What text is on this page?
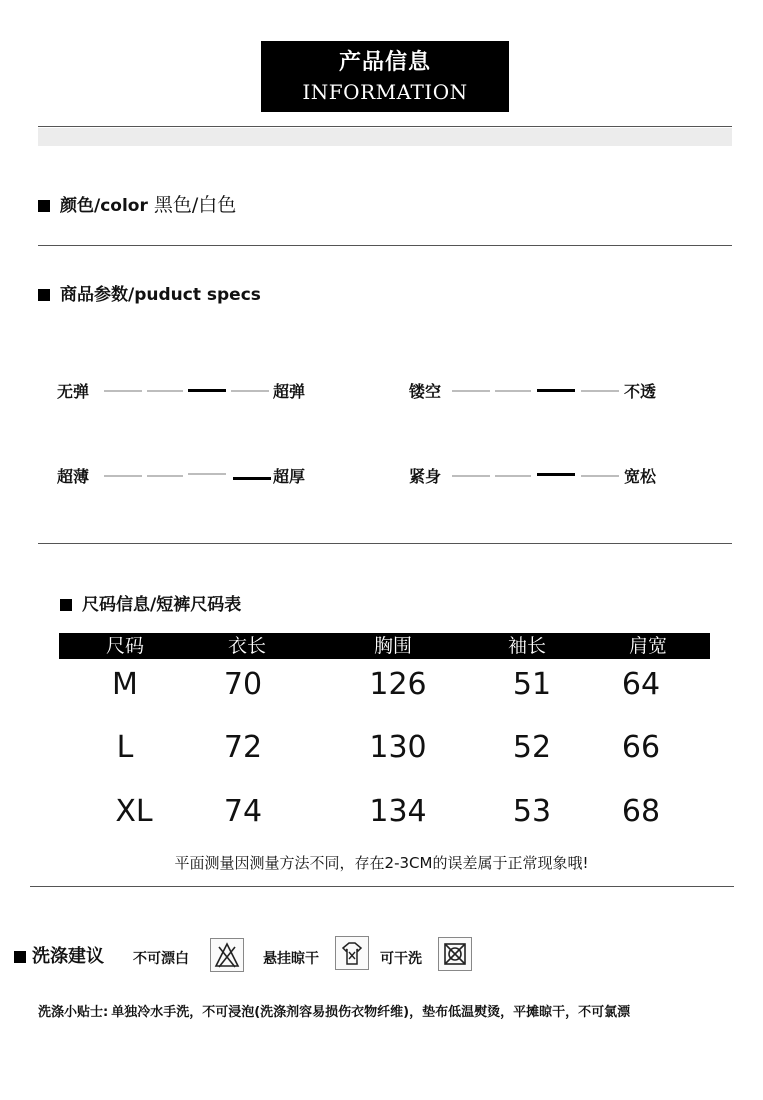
产品信息
INFORMATION
颜色/color 黑色/白色
商品参数/puduct specs
无弹	超弹	镂空	不透
超薄	超厚	紧身	宽松
尺码信息/短裤尺码表
尺码	衣长	胸围	袖长	肩宽
M	70	126	51	64
L	72	130	52	66
XL	74	134	53	68
平面测量因测量方法不同，存在2-3CM的误差属于正常现象哦!
洗涤建议 不可漂白	悬挂晾干	可干洗
洗涤小贴士: 单独冷水手洗，不可浸泡(洗涤剂容易损伤衣物纤维)，垫布低温熨烫，平摊晾干，不可氯漂
